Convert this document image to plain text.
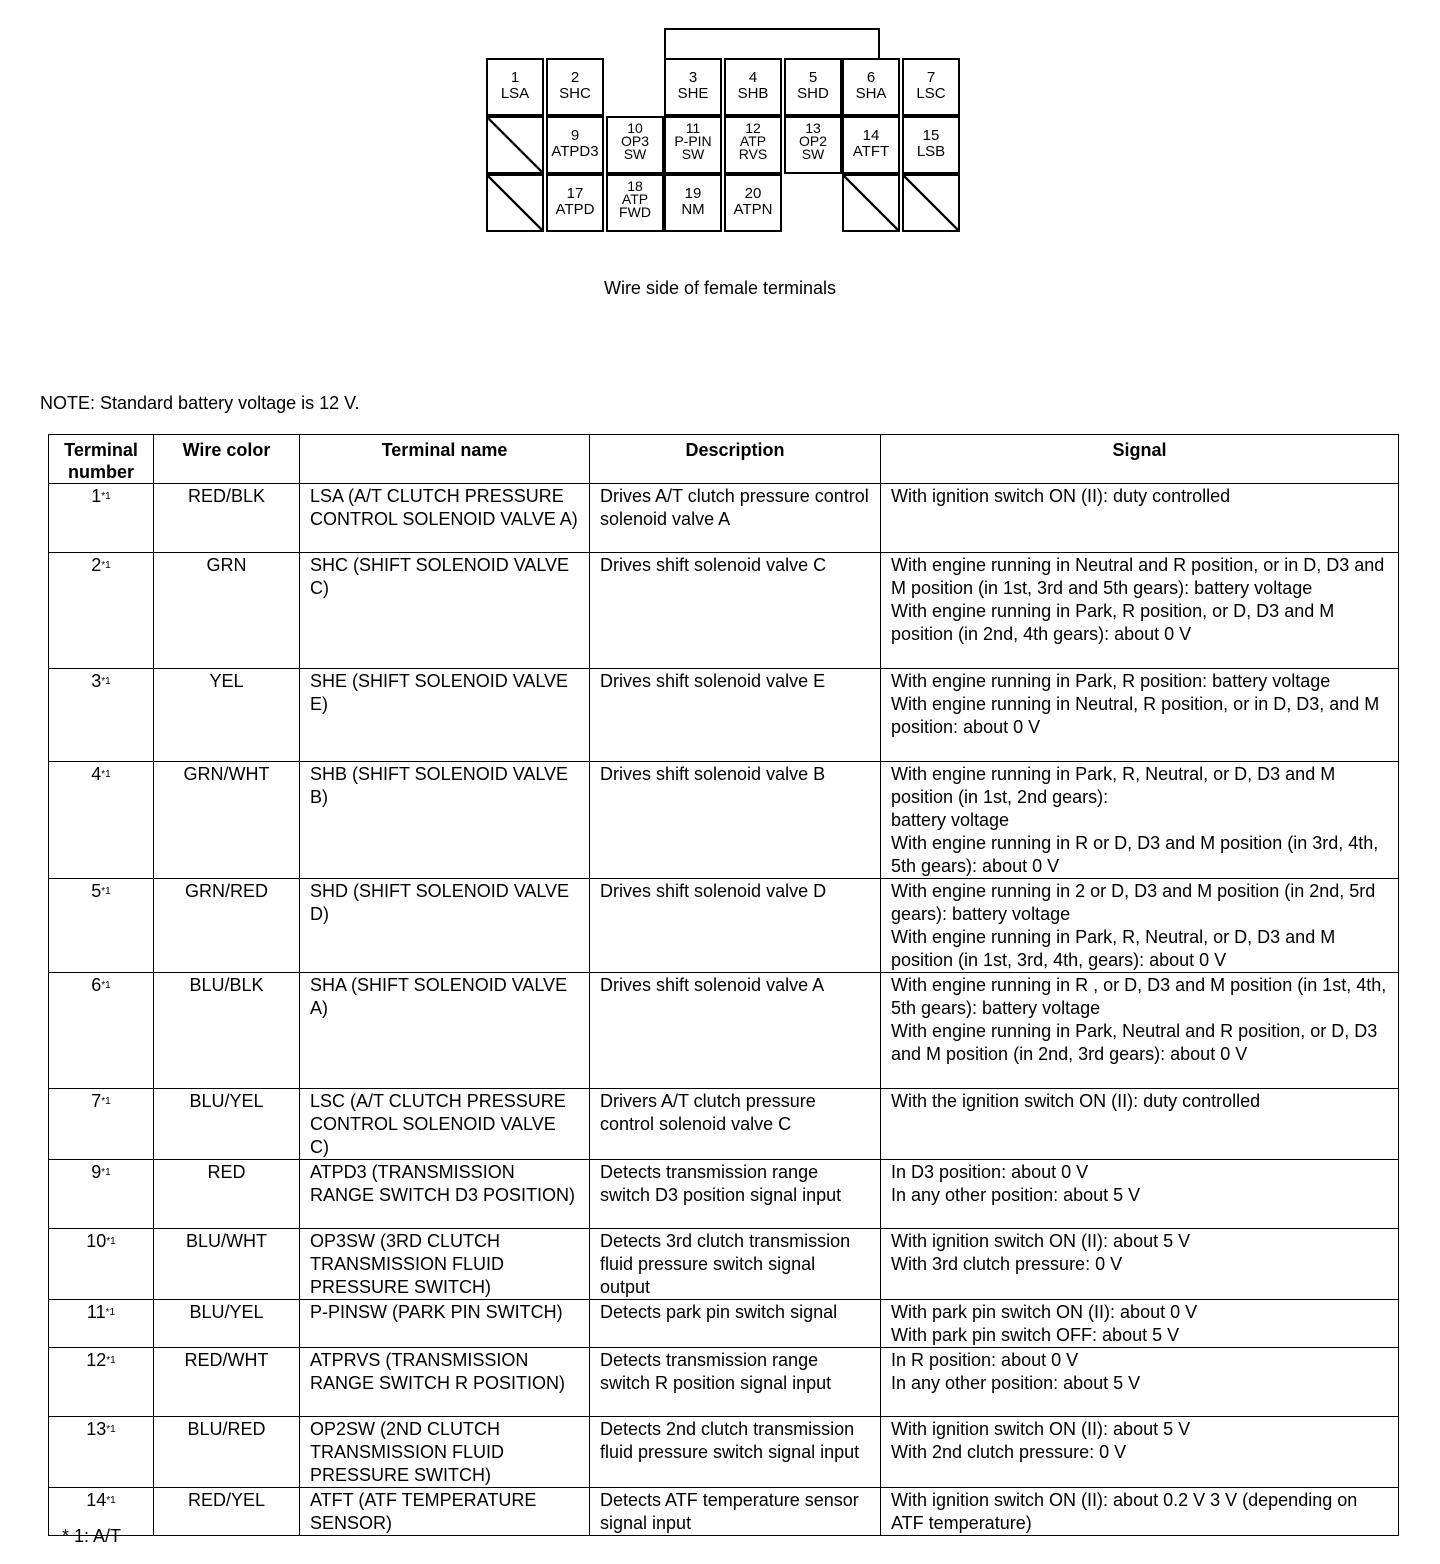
1
LSA
2
SHC
3
SHE
4
SHB
5
SHD
6
SHA
7
LSC
9
ATPD3
10
OP3 SW
11
P-PIN SW
12
ATP RVS
13
OP2 SW
14
ATFT
15
LSB
17
ATPD
18
ATP FWD
19
NM
20
ATPN
Wire side of female terminals
NOTE: Standard battery voltage is 12 V.
Terminal number	Wire color	Terminal name	Description	Signal
1$^{*1}$	RED/BLK	LSA (A/T CLUTCH PRESSURE CONTROL SOLENOID VALVE A)	Drives A/T clutch pressure control solenoid valve A	With ignition switch ON (II): duty controlled
2$^{*1}$	GRN	SHC (SHIFT SOLENOID VALVE C)	Drives shift solenoid valve C	With engine running in Neutral and R position, or in D, D3 and M position (in 1st, 3rd and 5th gears): battery voltage
With engine running in Park, R position, or D, D3 and M position (in 2nd, 4th gears): about 0 V
3$^{*1}$	YEL	SHE (SHIFT SOLENOID VALVE E)	Drives shift solenoid valve E	With engine running in Park, R position: battery voltage
With engine running in Neutral, R position, or in D, D3, and M position: about 0 V
4$^{*1}$	GRN/WHT	SHB (SHIFT SOLENOID VALVE B)	Drives shift solenoid valve B	With engine running in Park, R, Neutral, or D, D3 and M position (in 1st, 2nd gears):
battery voltage
With engine running in R or D, D3 and M position (in 3rd, 4th, 5th gears): about 0 V
5$^{*1}$	GRN/RED	SHD (SHIFT SOLENOID VALVE D)	Drives shift solenoid valve D	With engine running in 2 or D, D3 and M position (in 2nd, 5rd gears): battery voltage
With engine running in Park, R, Neutral, or D, D3 and M position (in 1st, 3rd, 4th, gears): about 0 V
6$^{*1}$	BLU/BLK	SHA (SHIFT SOLENOID VALVE A)	Drives shift solenoid valve A	With engine running in R , or D, D3 and M position (in 1st, 4th, 5th gears): battery voltage
With engine running in Park, Neutral and R position, or D, D3 and M position (in 2nd, 3rd gears): about 0 V
7$^{*1}$	BLU/YEL	LSC (A/T CLUTCH PRESSURE CONTROL SOLENOID VALVE C)	Drivers A/T clutch pressure control solenoid valve C	With the ignition switch ON (II): duty controlled
9$^{*1}$	RED	ATPD3 (TRANSMISSION RANGE SWITCH D3 POSITION)	Detects transmission range switch D3 position signal input	In D3 position: about 0 V
In any other position: about 5 V
10$^{*1}$	BLU/WHT	OP3SW (3RD CLUTCH TRANSMISSION FLUID PRESSURE SWITCH)	Detects 3rd clutch transmission fluid pressure switch signal output	With ignition switch ON (II): about 5 V
With 3rd clutch pressure: 0 V
11$^{*1}$	BLU/YEL	P-PINSW (PARK PIN SWITCH)	Detects park pin switch signal	With park pin switch ON (II): about 0 V
With park pin switch OFF: about 5 V
12$^{*1}$	RED/WHT	ATPRVS (TRANSMISSION RANGE SWITCH R POSITION)	Detects transmission range switch R position signal input	In R position: about 0 V
In any other position: about 5 V
13$^{*1}$	BLU/RED	OP2SW (2ND CLUTCH TRANSMISSION FLUID PRESSURE SWITCH)	Detects 2nd clutch transmission fluid pressure switch signal input	With ignition switch ON (II): about 5 V
With 2nd clutch pressure: 0 V
14$^{*1}$	RED/YEL	ATFT (ATF TEMPERATURE SENSOR)	Detects ATF temperature sensor signal input	With ignition switch ON (II): about 0.2 V 3 V (depending on ATF temperature)
* 1: A/T
